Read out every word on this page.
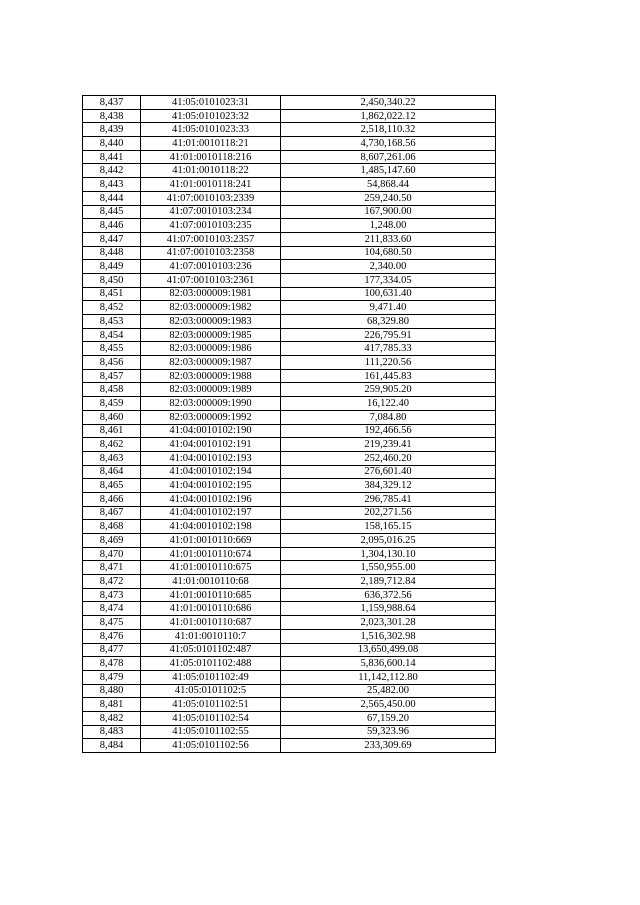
8,437	41:05:0101023:31	2,450,340.22
8,438	41:05:0101023:32	1,862,022.12
8,439	41:05:0101023:33	2,518,110.32
8,440	41:01:0010118:21	4,730,168.56
8,441	41:01:0010118:216	8,607,261.06
8,442	41:01:0010118:22	1,485,147.60
8,443	41:01:0010118:241	54,868.44
8,444	41:07:0010103:2339	259,240.50
8,445	41:07:0010103:234	167,900.00
8,446	41:07:0010103:235	1,248.00
8,447	41:07:0010103:2357	211,833.60
8,448	41:07:0010103:2358	104,680.50
8,449	41:07:0010103:236	2,340.00
8,450	41:07:0010103:2361	177,334.05
8,451	82:03:000009:1981	100,631.40
8,452	82:03:000009:1982	9,471.40
8,453	82:03:000009:1983	68,329.80
8,454	82:03:000009:1985	226,795.91
8,455	82:03:000009:1986	417,785.33
8,456	82:03:000009:1987	111,220.56
8,457	82:03:000009:1988	161,445.83
8,458	82:03:000009:1989	259,905.20
8,459	82:03:000009:1990	16,122.40
8,460	82:03:000009:1992	7,084.80
8,461	41:04:0010102:190	192,466.56
8,462	41:04:0010102:191	219,239.41
8,463	41:04:0010102:193	252,460.20
8,464	41:04:0010102:194	276,601.40
8,465	41:04:0010102:195	384,329.12
8,466	41:04:0010102:196	296,785.41
8,467	41:04:0010102:197	202,271.56
8,468	41:04:0010102:198	158,165.15
8,469	41:01:0010110:669	2,095,016.25
8,470	41:01:0010110:674	1,304,130.10
8,471	41:01:0010110:675	1,550,955.00
8,472	41:01:0010110:68	2,189,712.84
8,473	41:01:0010110:685	636,372.56
8,474	41:01:0010110:686	1,159,988.64
8,475	41:01:0010110:687	2,023,301.28
8,476	41:01:0010110:7	1,516,302.98
8,477	41:05:0101102:487	13,650,499.08
8,478	41:05:0101102:488	5,836,600.14
8,479	41:05:0101102:49	11,142,112.80
8,480	41:05:0101102:5	25,482.00
8,481	41:05:0101102:51	2,565,450.00
8,482	41:05:0101102:54	67,159.20
8,483	41:05:0101102:55	59,323.96
8,484	41:05:0101102:56	233,309.69
